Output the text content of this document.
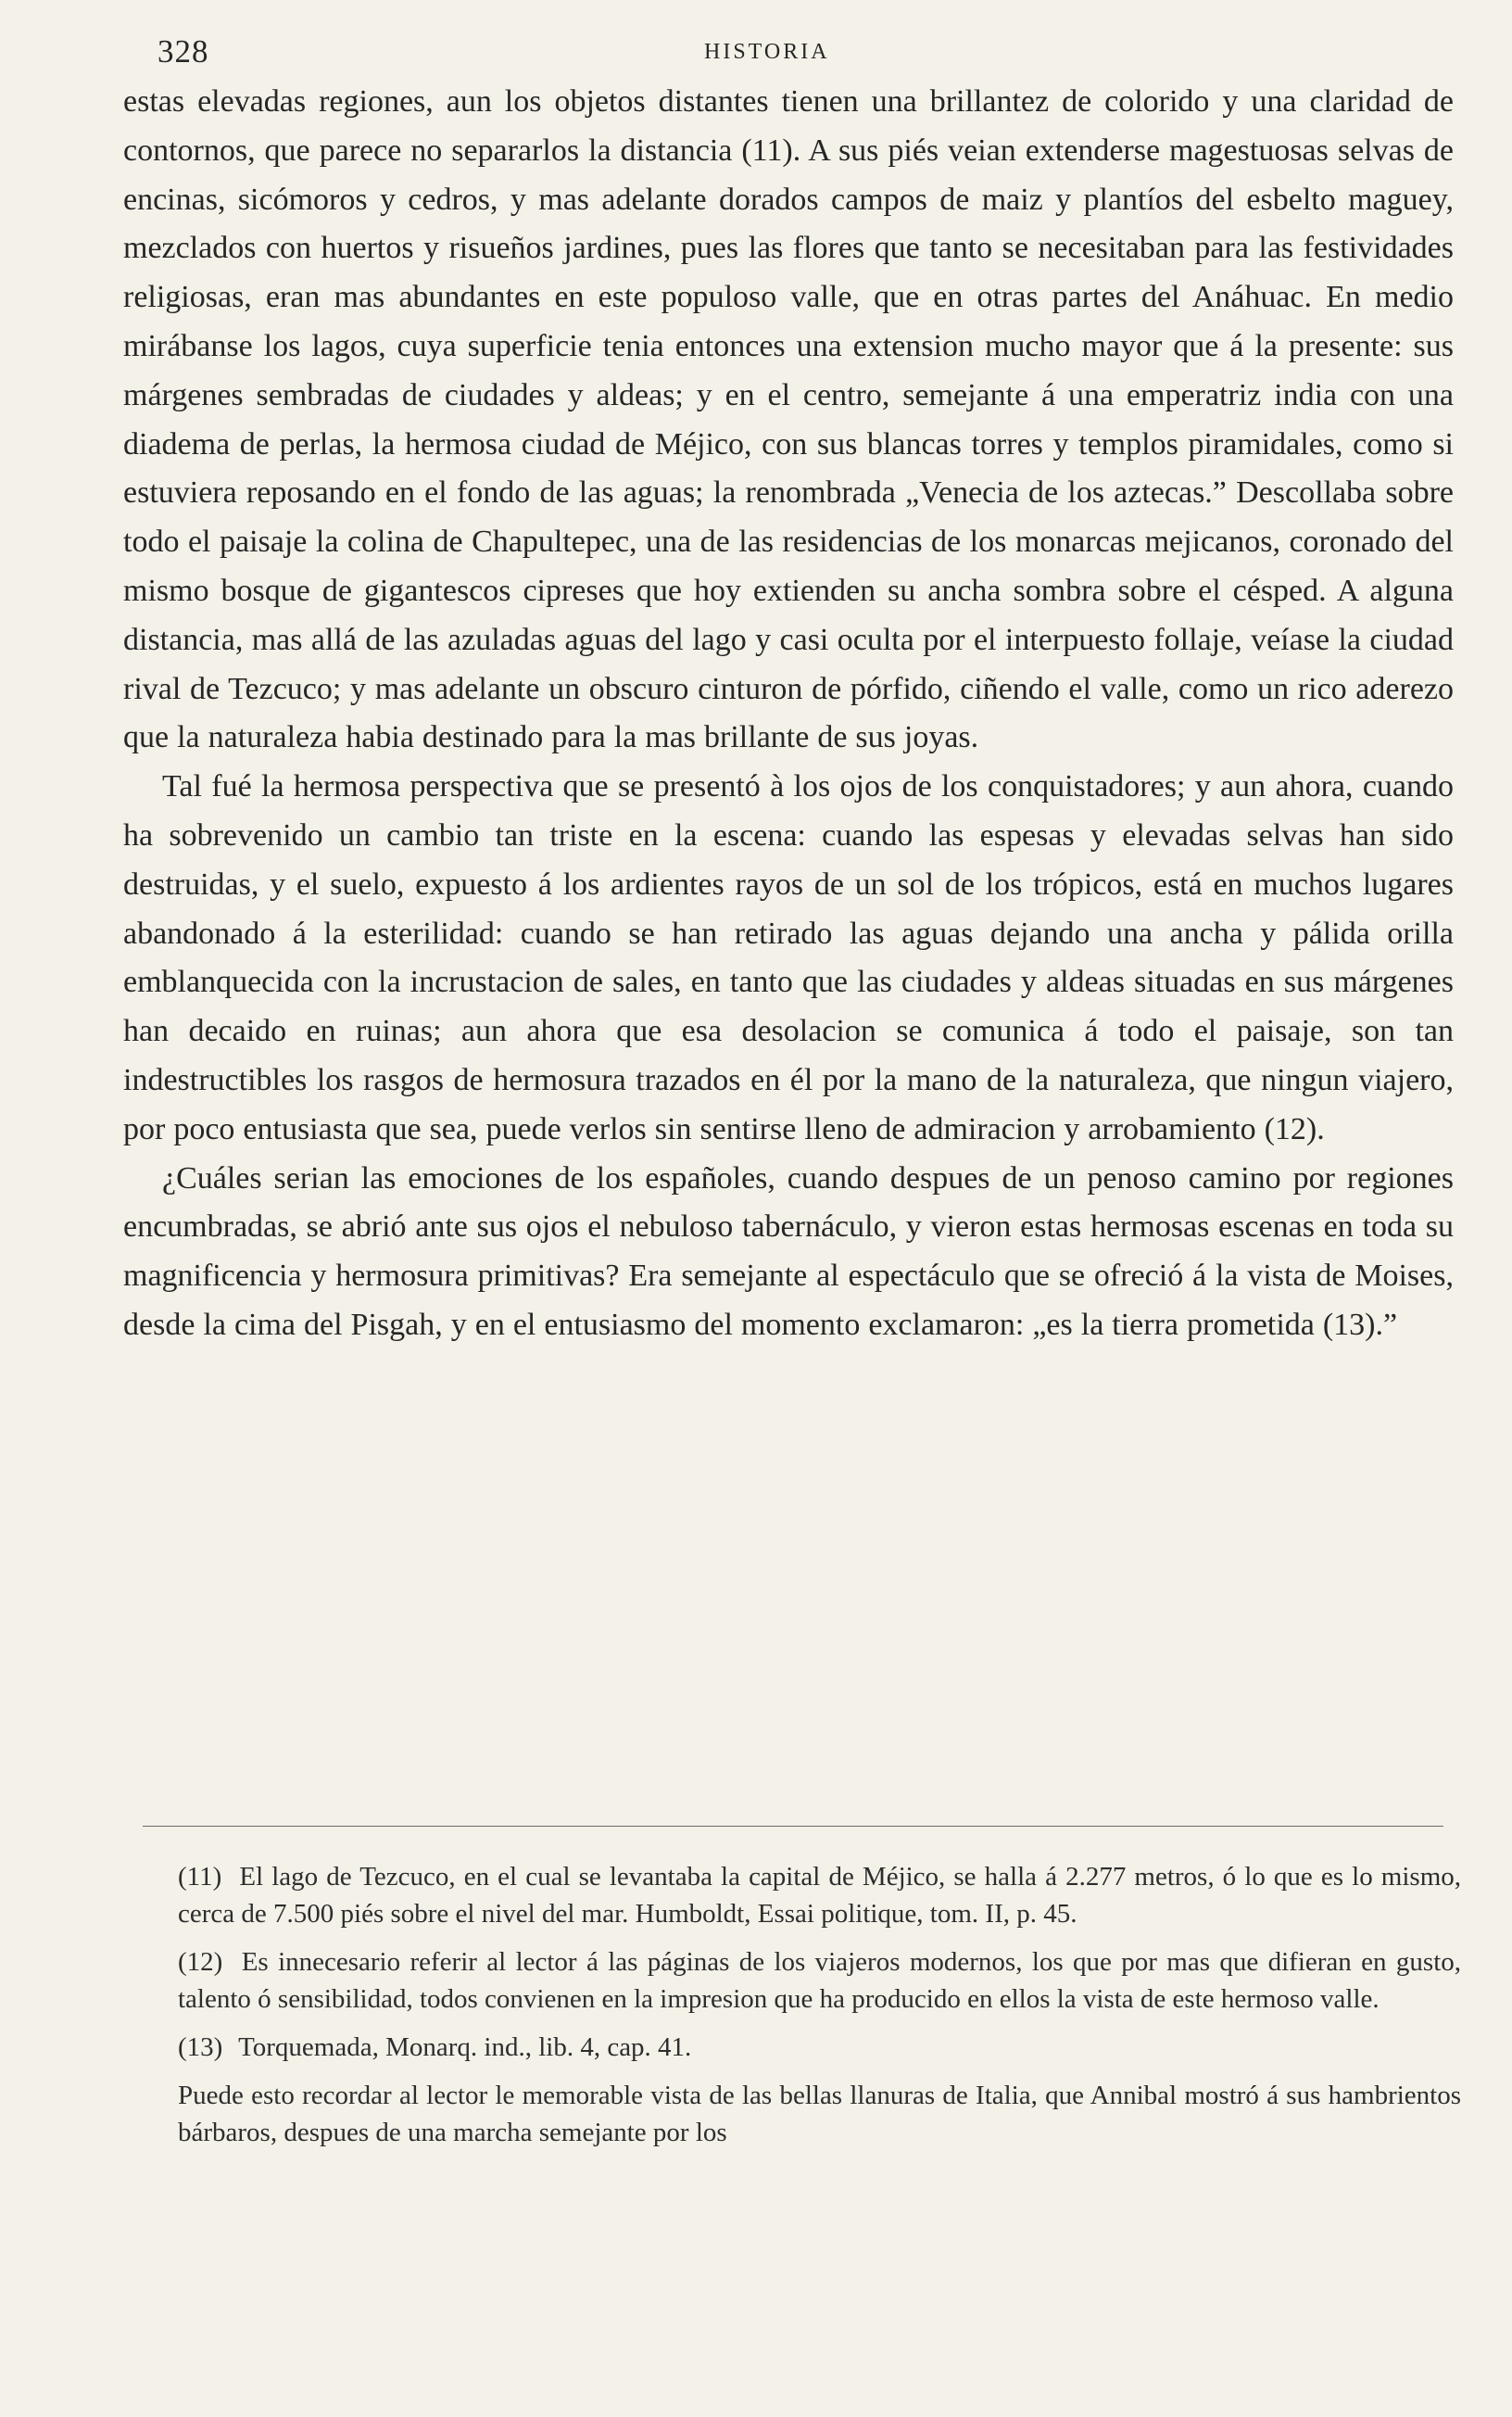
328	HISTORIA

estas elevadas regiones, aun los objetos distantes tienen una brillantez de colorido y una claridad de contornos, que parece no separarlos la distancia (11). A sus piés veian extenderse magestuosas selvas de encinas, sicómoros y cedros, y mas adelante dorados campos de maiz y plantíos del esbelto maguey, mezclados con huertos y risueños jardines, pues las flores que tanto se necesitaban para las festividades religiosas, eran mas abundantes en este populoso valle, que en otras partes del Anáhuac. En medio mirábanse los lagos, cuya superficie tenia entonces una extension mucho mayor que á la presente: sus márgenes sembradas de ciudades y aldeas; y en el centro, semejante á una emperatriz india con una diadema de perlas, la hermosa ciudad de Méjico, con sus blancas torres y templos piramidales, como si estuviera reposando en el fondo de las aguas; la renombrada „Venecia de los aztecas.” Descollaba sobre todo el paisaje la colina de Chapultepec, una de las residencias de los monarcas mejicanos, coronado del mismo bosque de gigantescos cipreses que hoy extienden su ancha sombra sobre el césped. A alguna distancia, mas allá de las azuladas aguas del lago y casi oculta por el interpuesto follaje, veíase la ciudad rival de Tezcuco; y mas adelante un obscuro cinturon de pórfido, ciñendo el valle, como un rico aderezo que la naturaleza habia destinado para la mas brillante de sus joyas.

Tal fué la hermosa perspectiva que se presentó à los ojos de los conquistadores; y aun ahora, cuando ha sobrevenido un cambio tan triste en la escena: cuando las espesas y elevadas selvas han sido destruidas, y el suelo, expuesto á los ardientes rayos de un sol de los trópicos, está en muchos lugares abandonado á la esterilidad: cuando se han retirado las aguas dejando una ancha y pálida orilla emblanquecida con la incrustacion de sales, en tanto que las ciudades y aldeas situadas en sus márgenes han decaido en ruinas; aun ahora que esa desolacion se comunica á todo el paisaje, son tan indestructibles los rasgos de hermosura trazados en él por la mano de la naturaleza, que ningun viajero, por poco entusiasta que sea, puede verlos sin sentirse lleno de admiracion y arrobamiento (12).

¿Cuáles serian las emociones de los españoles, cuando despues de un penoso camino por regiones encumbradas, se abrió ante sus ojos el nebuloso tabernáculo, y vieron estas hermosas escenas en toda su magnificencia y hermosura primitivas? Era semejante al espectáculo que se ofreció á la vista de Moises, desde la cima del Pisgah, y en el entusiasmo del momento exclamaron: „es la tierra prometida (13).”

(11) El lago de Tezcuco, en el cual se levantaba la capital de Méjico, se halla á 2.277 metros, ó lo que es lo mismo, cerca de 7.500 piés sobre el nivel del mar. Humboldt, Essai politique, tom. II, p. 45.

(12) Es innecesario referir al lector á las páginas de los viajeros modernos, los que por mas que difieran en gusto, talento ó sensibilidad, todos convienen en la impresion que ha producido en ellos la vista de este hermoso valle.

(13) Torquemada, Monarq. ind., lib. 4, cap. 41.

Puede esto recordar al lector le memorable vista de las bellas llanuras de Italia, que Annibal mostró á sus hambrientos bárbaros, despues de una marcha semejante por los
